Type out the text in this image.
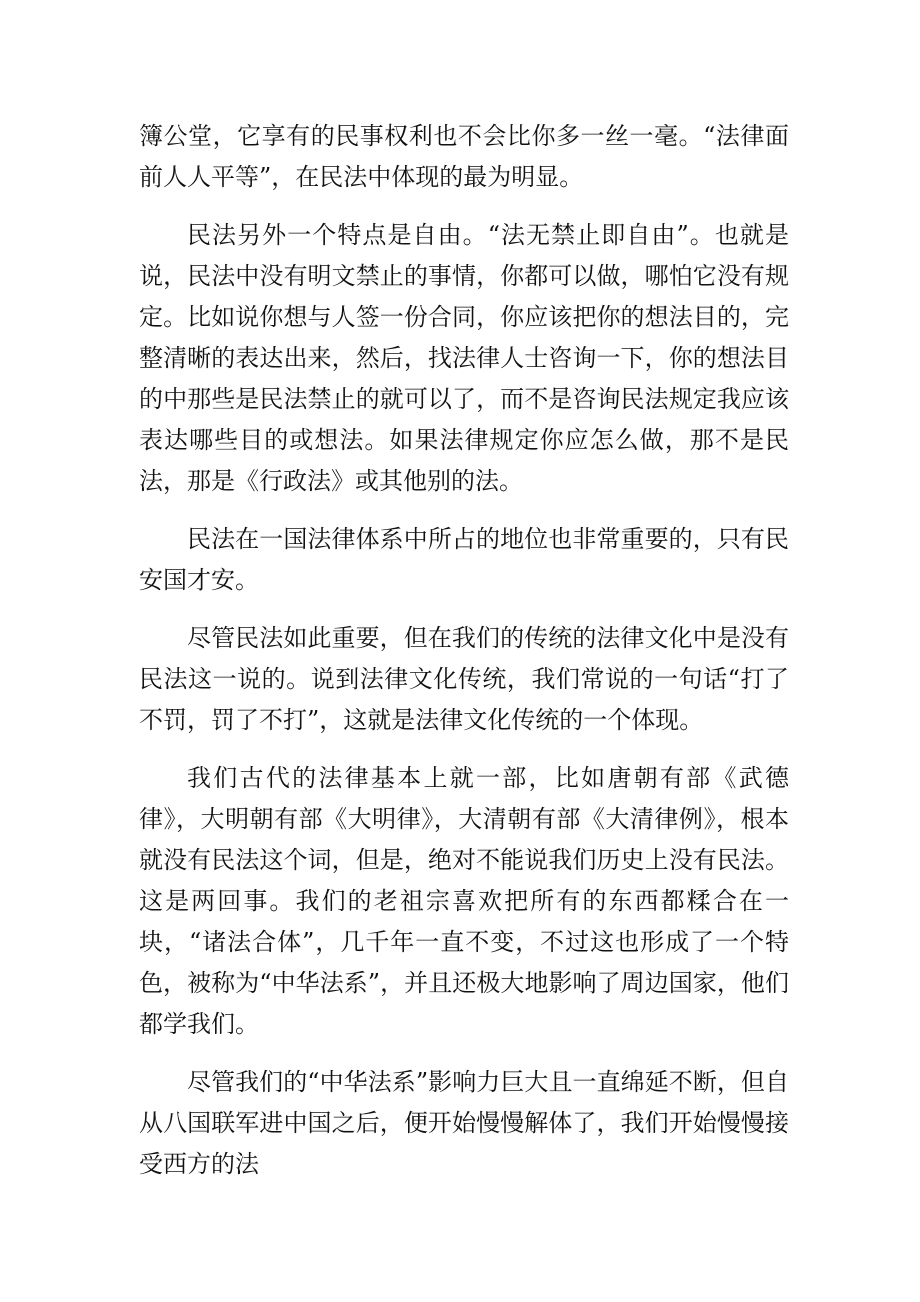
簿公堂，它享有的民事权利也不会比你多一丝一毫。“法律面前人人平等”，在民法中体现的最为明显。

民法另外一个特点是自由。“法无禁止即自由”。也就是说，民法中没有明文禁止的事情，你都可以做，哪怕它没有规定。比如说你想与人签一份合同，你应该把你的想法目的，完整清晰的表达出来，然后，找法律人士咨询一下，你的想法目的中那些是民法禁止的就可以了，而不是咨询民法规定我应该表达哪些目的或想法。如果法律规定你应怎么做，那不是民法，那是《行政法》或其他别的法。

民法在一国法律体系中所占的地位也非常重要的，只有民安国才安。

尽管民法如此重要，但在我们的传统的法律文化中是没有民法这一说的。说到法律文化传统，我们常说的一句话“打了不罚，罚了不打”，这就是法律文化传统的一个体现。

我们古代的法律基本上就一部，比如唐朝有部《武德律》，大明朝有部《大明律》，大清朝有部《大清律例》，根本就没有民法这个词，但是，绝对不能说我们历史上没有民法。这是两回事。我们的老祖宗喜欢把所有的东西都糅合在一块，“诸法合体”，几千年一直不变，不过这也形成了一个特色，被称为“中华法系”，并且还极大地影响了周边国家，他们都学我们。

尽管我们的“中华法系”影响力巨大且一直绵延不断，但自从八国联军进中国之后，便开始慢慢解体了，我们开始慢慢接受西方的法
